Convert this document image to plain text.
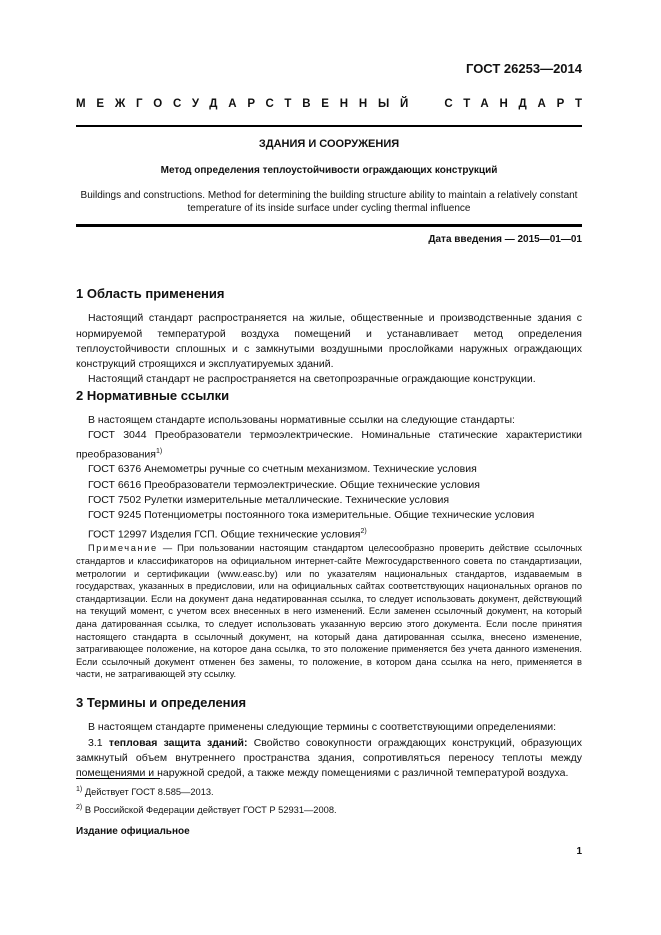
ГОСТ 26253—2014
МЕЖГОСУДАРСТВЕННЫЙ СТАНДАРТ
ЗДАНИЯ И СООРУЖЕНИЯ
Метод определения теплоустойчивости ограждающих конструкций
Buildings and constructions. Method for determining the building structure ability to maintain a relatively constant
temperature of its inside surface under cycling thermal influence
Дата введения — 2015—01—01
1 Область применения

Настоящий стандарт распространяется на жилые, общественные и производственные здания с нормируемой температурой воздуха помещений и устанавливает метод определения теплоустойчивости сплошных и с замкнутыми воздушными прослойками наружных ограждающих конструкций строящихся и эксплуатируемых зданий.

Настоящий стандарт не распространяется на светопрозрачные ограждающие конструкции.

2 Нормативные ссылки

В настоящем стандарте использованы нормативные ссылки на следующие стандарты:

ГОСТ 3044 Преобразователи термоэлектрические. Номинальные статические характеристики преобразования$^{1)}$

ГОСТ 6376 Анемометры ручные со счетным механизмом. Технические условия

ГОСТ 6616 Преобразователи термоэлектрические. Общие технические условия

ГОСТ 7502 Рулетки измерительные металлические. Технические условия

ГОСТ 9245 Потенциометры постоянного тока измерительные. Общие технические условия

ГОСТ 12997 Изделия ГСП. Общие технические условия$^{2)}$

Примечание — При пользовании настоящим стандартом целесообразно проверить действие ссылочных стандартов и классификаторов на официальном интернет-сайте Межгосударственного совета по стандартизации, метрологии и сертификации (www.easc.by) или по указателям национальных стандартов, издаваемым в государствах, указанных в предисловии, или на официальных сайтах соответствующих национальных органов по стандартизации. Если на документ дана недатированная ссылка, то следует использовать документ, действующий на текущий момент, с учетом всех внесенных в него изменений. Если заменен ссылочный документ, на который дана датированная ссылка, то следует использовать указанную версию этого документа. Если после принятия настоящего стандарта в ссылочный документ, на который дана датированная ссылка, внесено изменение, затрагивающее положение, на которое дана ссылка, то это положение применяется без учета данного изменения. Если ссылочный документ отменен без замены, то положение, в котором дана ссылка на него, применяется в части, не затрагивающей эту ссылку.

3 Термины и определения

В настоящем стандарте применены следующие термины с соответствующими определениями:

3.1 тепловая защита зданий: Свойство совокупности ограждающих конструкций, образующих замкнутый объем внутреннего пространства здания, сопротивляться переносу теплоты между помещениями и наружной средой, а также между помещениями с различной температурой воздуха.

$^{1)}$ Действует ГОСТ 8.585—2013.
$^{2)}$ В Российской Федерации действует ГОСТ Р 52931—2008.
Издание официальное
1
